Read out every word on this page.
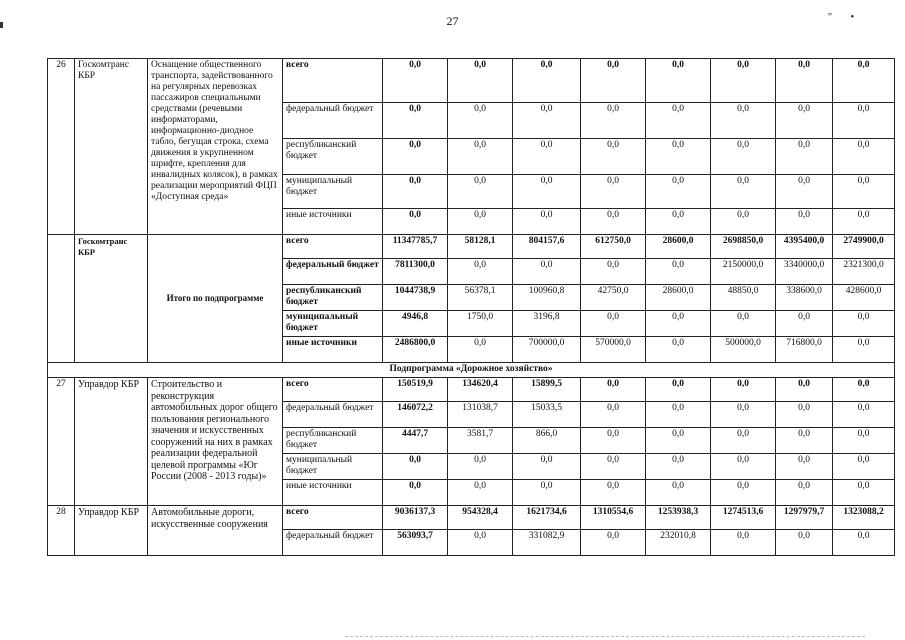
27	″ •
26	Госкомтранс КБР	Оснащение общественного транспорта, задействованного на регулярных перевозках пассажиров специальными средствами (речевыми информаторами, информационно-диодное табло, бегущая строка, схема движения в укрупненном шрифте, крепления для инвалидных колясок), в рамках реализации мероприятий ФЦП «Доступная среда»	всего	0,0	0,0	0,0	0,0	0,0	0,0	0,0	0,0
			федеральный бюджет	0,0	0,0	0,0	0,0	0,0	0,0	0,0	0,0
			республиканский бюджет	0,0	0,0	0,0	0,0	0,0	0,0	0,0	0,0
			муниципальный бюджет	0,0	0,0	0,0	0,0	0,0	0,0	0,0	0,0
			иные источники	0,0	0,0	0,0	0,0	0,0	0,0	0,0	0,0
	Госкомтранс КБР	Итого по подпрограмме	всего	11347785,7	58128,1	804157,6	612750,0	28600,0	2698850,0	4395400,0	2749900,0
			федеральный бюджет	7811300,0	0,0	0,0	0,0	0,0	2150000,0	3340000,0	2321300,0
			республиканский бюджет	1044738,9	56378,1	100960,8	42750,0	28600,0	48850,0	338600,0	428600,0
			муниципальный бюджет	4946,8	1750,0	3196,8	0,0	0,0	0,0	0,0	0,0
			иные источники	2486800,0	0,0	700000,0	570000,0	0,0	500000,0	716800,0	0,0
Подпрограмма «Дорожное хозяйство»											
27	Управдор КБР	Строительство и реконструкция автомобильных дорог общего пользования регионального значения и искусственных сооружений на них в рамках реализации федеральной целевой программы «Юг России (2008 - 2013 годы)»	всего	150519,9	134620,4	15899,5	0,0	0,0	0,0	0,0	0,0
			федеральный бюджет	146072,2	131038,7	15033,5	0,0	0,0	0,0	0,0	0,0
			республиканский бюджет	4447,7	3581,7	866,0	0,0	0,0	0,0	0,0	0,0
			муниципальный бюджет	0,0	0,0	0,0	0,0	0,0	0,0	0,0	0,0
			иные источники	0,0	0,0	0,0	0,0	0,0	0,0	0,0	0,0
28	Управдор КБР	Автомобильные дороги, искусственные сооружения	всего	9036137,3	954328,4	1621734,6	1310554,6	1253938,3	1274513,6	1297979,7	1323088,2
			федеральный бюджет	563093,7	0,0	331082,9	0,0	232010,8	0,0	0,0	0,0
